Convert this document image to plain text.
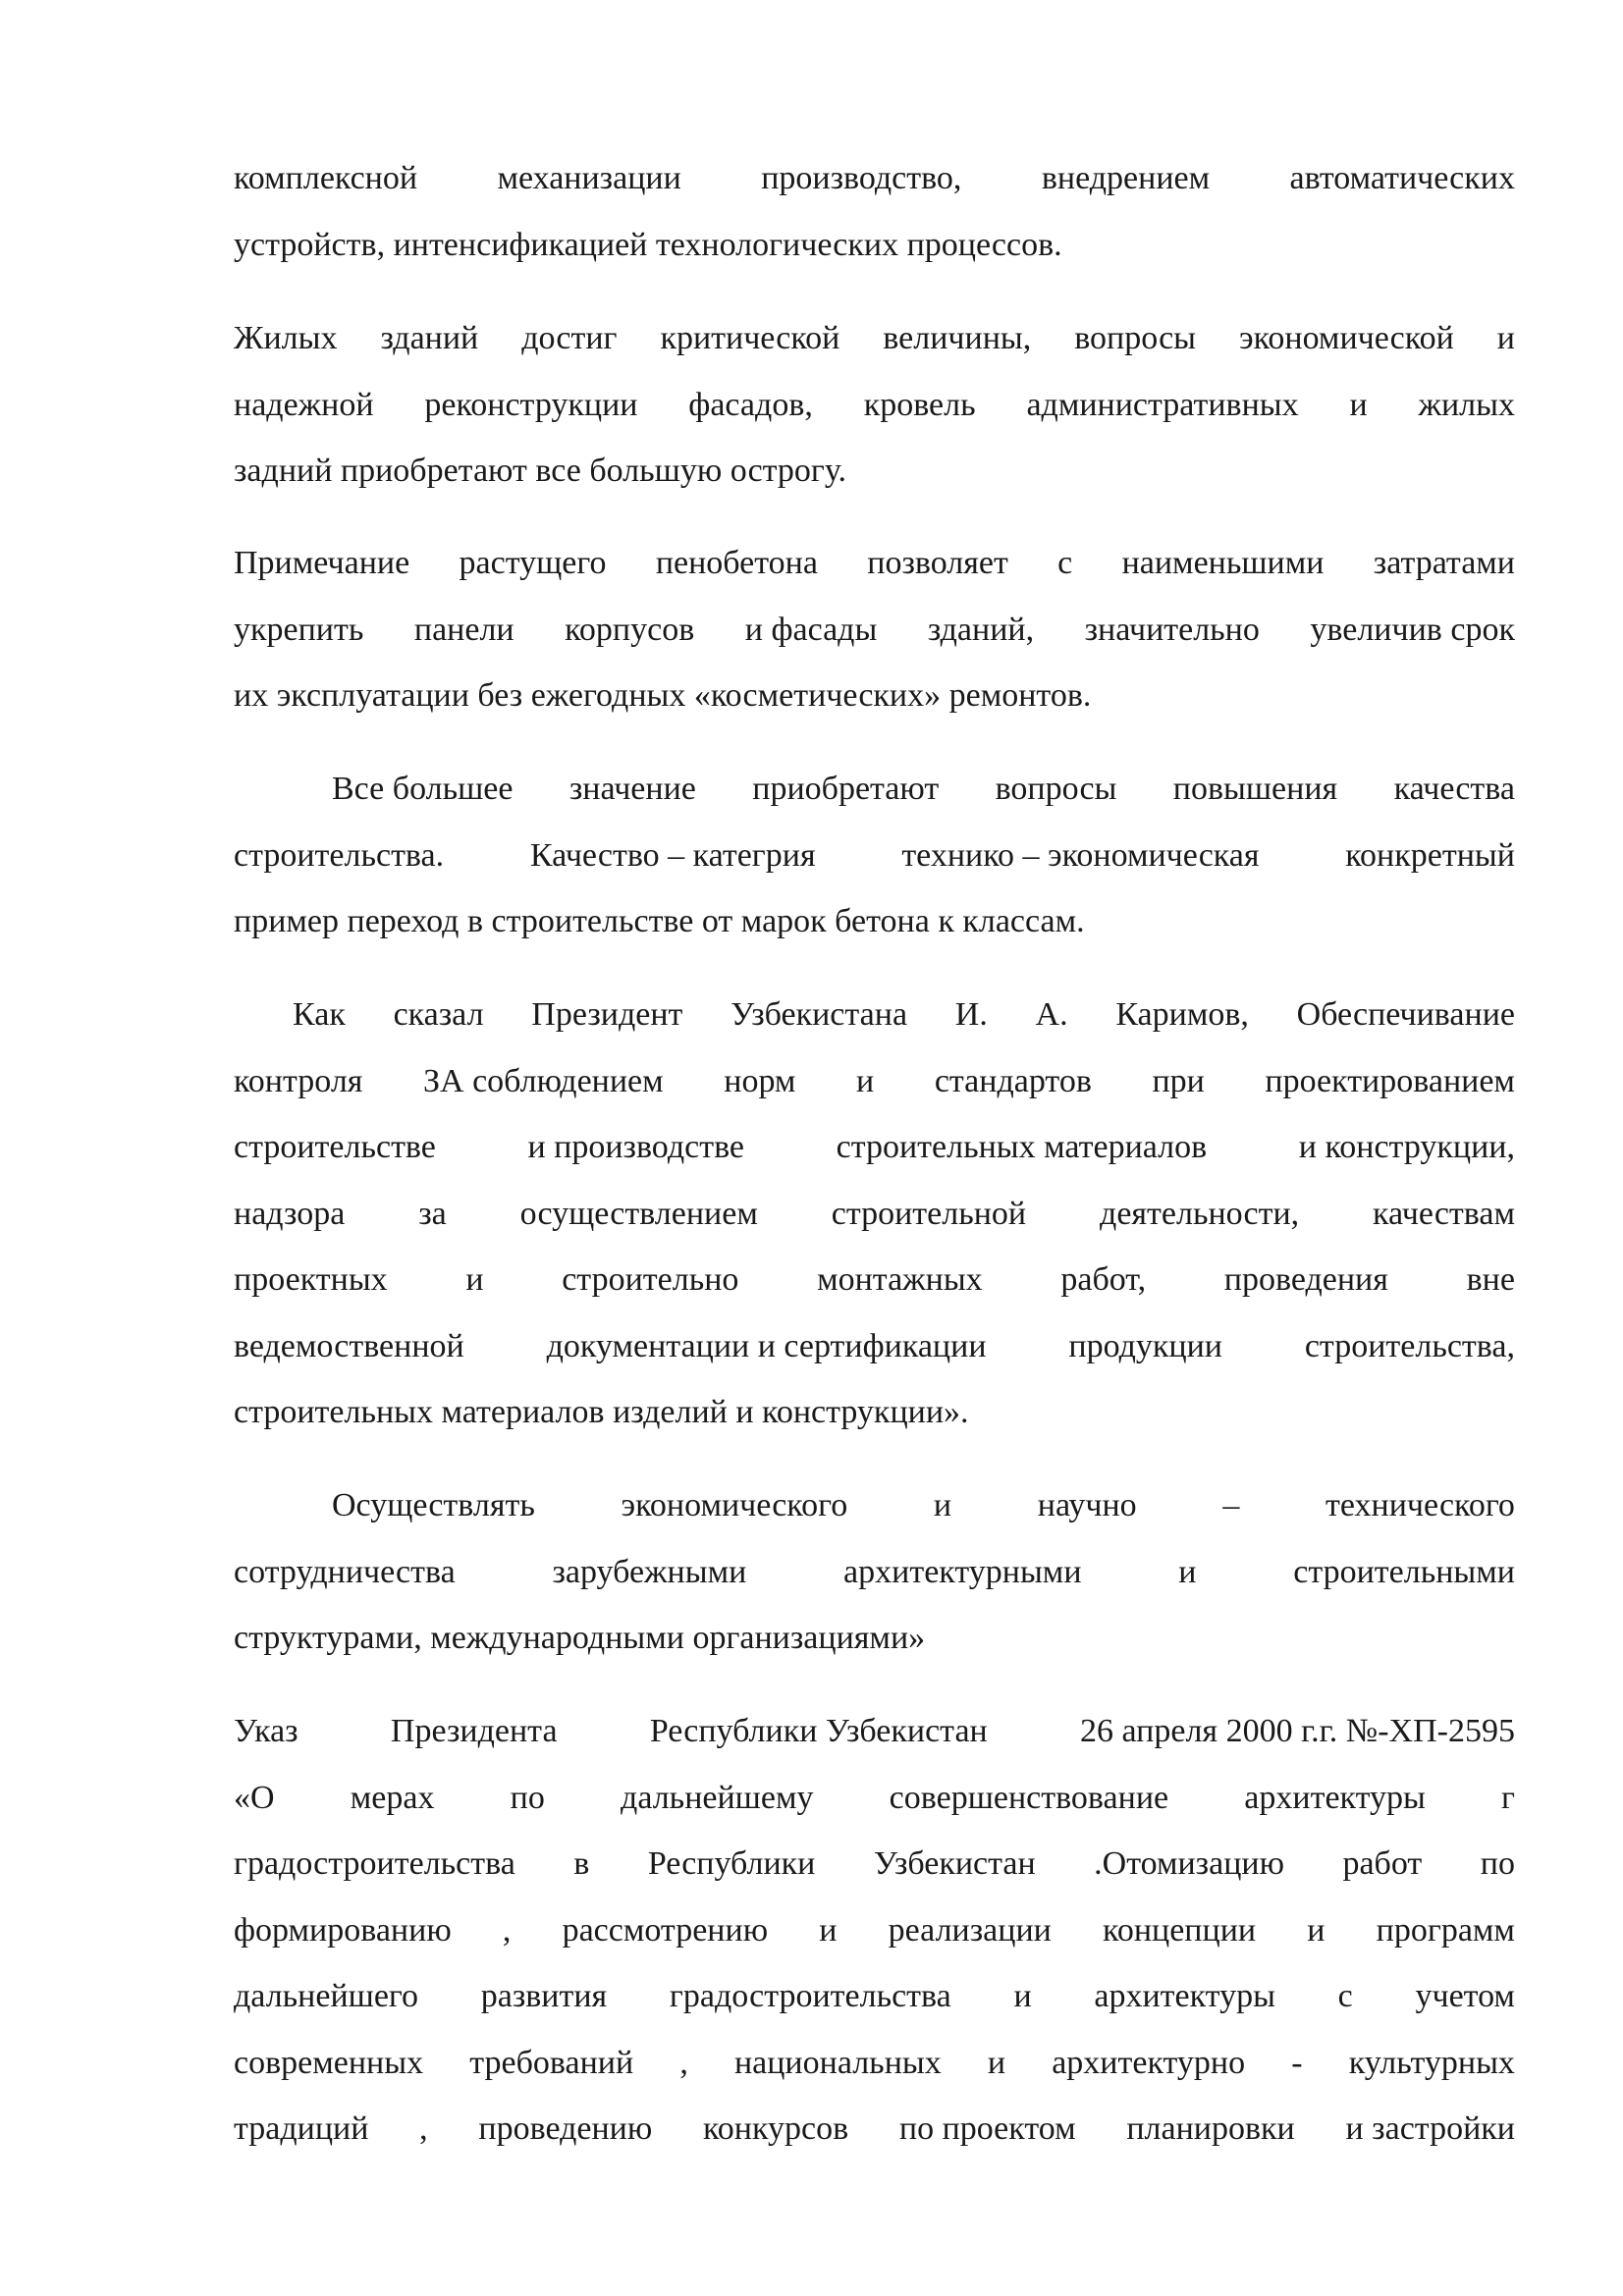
комплексной механизации производство, внедрением автоматических
устройств, интенсификацией технологических процессов.
Жилых зданий достиг критической величины, вопросы экономической и
надежной реконструкции фасадов, кровель административных и жилых
задний приобретают все большую острогу.
Примечание растущего пенобетона позволяет с наименьшими затратами
укрепить панели корпусов и фасады зданий, значительно увеличив срок
их эксплуатации без ежегодных «косметических» ремонтов.
Все большее значение приобретают вопросы повышения качества
строительства.	Качество – категрия	технико – экономическая	конкретный
пример переход в строительстве от марок бетона к классам.
Как сказал Президент Узбекистана И. А. Каримов, Обеспечивание
контроля ЗА соблюдением норм и стандартов при проектированием
строительстве	и производстве	строительных материалов	и конструкции,
надзора за осуществлением строительной деятельности, качествам
проектных и строительно монтажных работ, проведения вне
ведемоственной документации и сертификации продукции строительства,
строительных материалов изделий и конструкции».
Осуществлять	экономического	и	научно	–	технического
сотрудничества	зарубежными	архитектурными	и	строительными
структурами, международными организациями»
Указ	Президента	Республики Узбекистан	26 апреля 2000 г.г. №-ХП-2595
«О мерах по дальнейшему совершенствование архитектуры г
градостроительства в Республики Узбекистан .Отомизацию работ по
формированию , рассмотрению и реализации концепции и программ
дальнейшего развития градостроительства и архитектуры с учетом
современных требований , национальных и архитектурно - культурных
традиций , проведению конкурсов по проектом планировки и застройки
